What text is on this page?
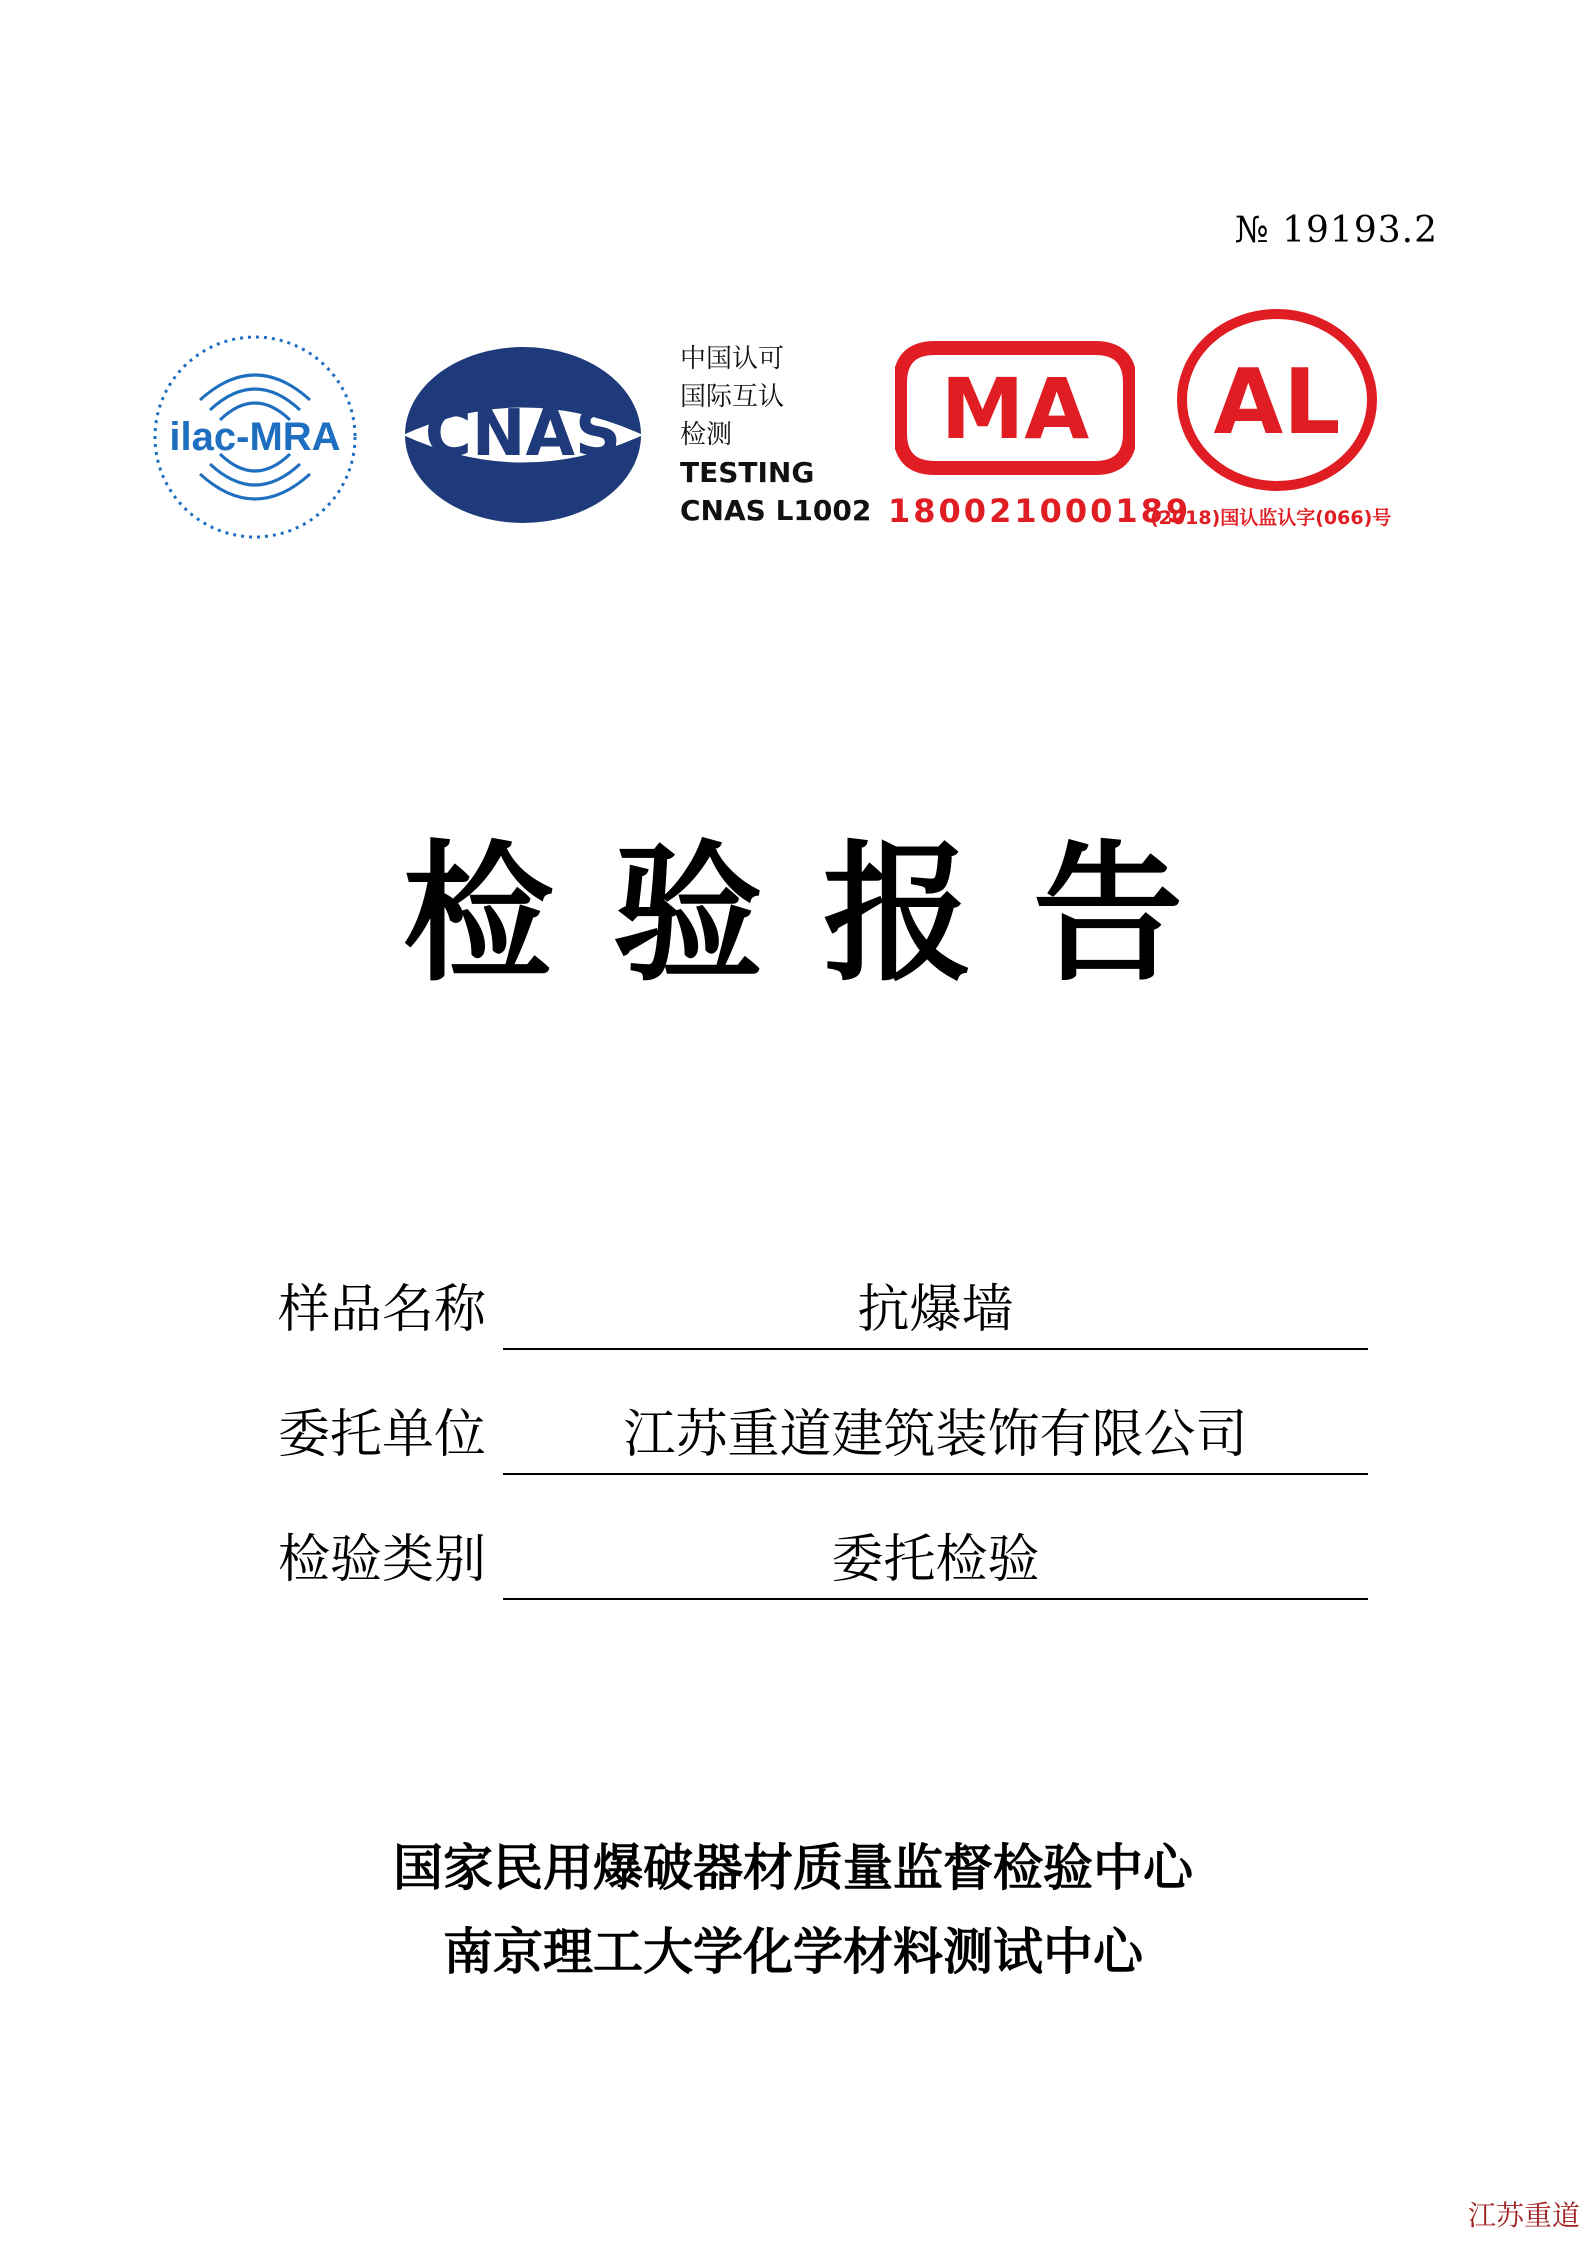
№ 19193.2
ilac-MRA CNAS
中国认可
国际互认
检测
TESTING
CNAS L1002
MA AL
180021000189
(2018)国认监认字(066)号
检验报告
样品名称	抗爆墙
委托单位	江苏重道建筑装饰有限公司
检验类别	委托检验
国家民用爆破器材质量监督检验中心
南京理工大学化学材料测试中心
江苏重道
